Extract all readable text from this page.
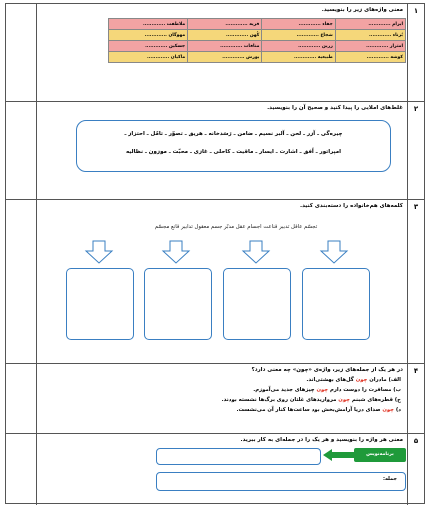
۱
معنی واژه‌های زیر را بنویسید.
ایرام .............	جفاء .............	قریه .............	ملاطفت .............
بُرناء .............	شجاع .............	کُهن .............	مهوگان .............
امتزاز .............	زرین .............	منافات .............	جسکین .............
کوشه .............	طبیعیه .............	یورش .............	ماکیان .............
۲
غلط‌های املایی را پیدا کنید و صحیح آن را بنویسید.
چیره‌گی ـ آزر ـ لحن ـ آلبر نسیم ـ ضامن ـ رَسَدخانه ـ هریق ـ تصوّر ـ تامّل ـ احتزاز ـ
امپراتور ـ اُفق ـ اشارت ـ ایسار ـ ماقیت ـ کاحلی ـ غازی ـ محبّت ـ موزون ـ نظالیه
۳
کلمه‌های هم‌خانواده را دسته‌بندی کنید.
تجسّم عاقل تدبیر قناعت اجسام عقل مدبّر جسم معقول تدابیر قانع مجسّم
۴
در هر یک از جمله‌های زیر، واژه‌ی «چون» چه معنی دارد؟
الف) مادران چون گل‌های بهشتی‌اند.
ب) مسافرت را دوست دارم چون چیزهای جدید می‌آموزم.
ج) قطره‌های شبنم چون مرواریدهای غلتان روی برگ‌ها نشسته بودند.
د) چون صدای دریا آرامش‌بخش بود ساعت‌ها کنار آن می‌نشست.
۵
معنی هر واژه را بنویسید و هر یک را در جمله‌ای به کار ببرید.
برنامه‌نویس
جمله:
